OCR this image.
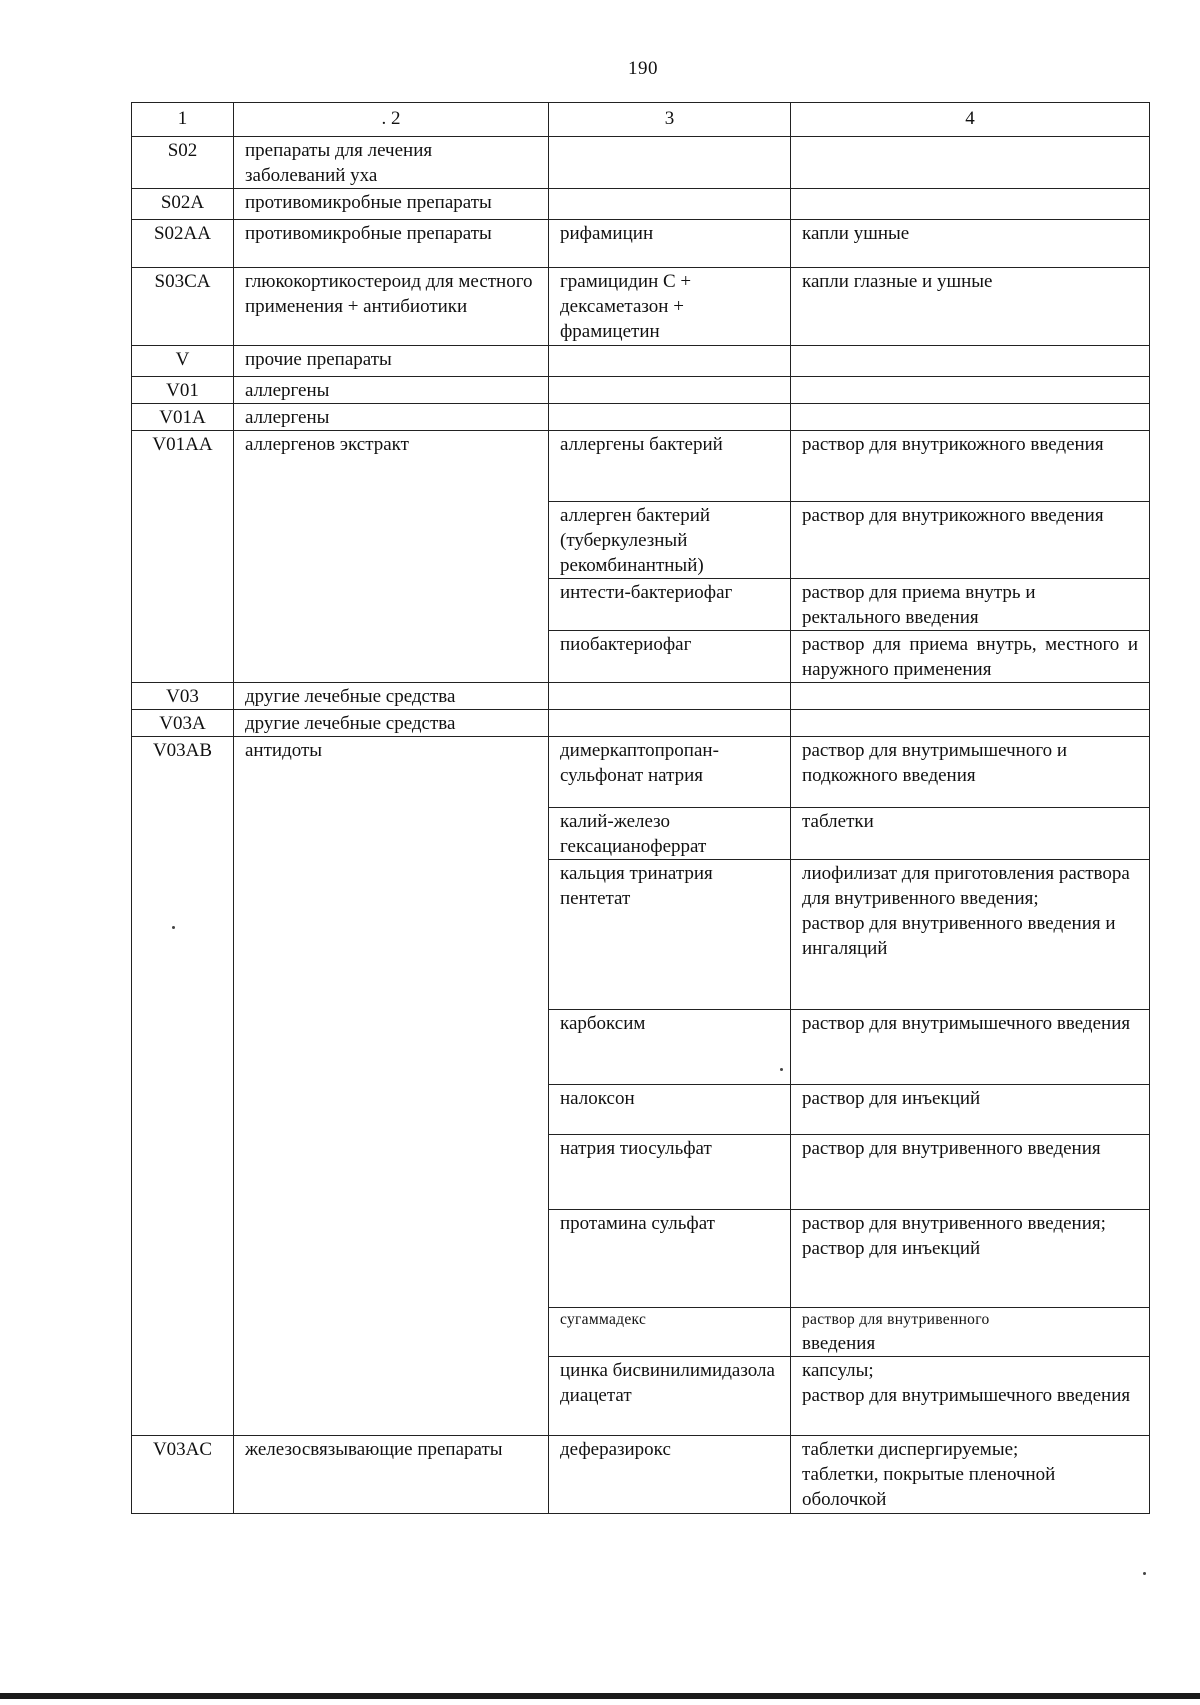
190
1	. 2	3	4
S02	препараты для лечения заболеваний уха		
S02A	противомикробные препараты		
S02AA	противомикробные препараты	рифамицин	капли ушные
S03CA	глюкокортикостероид для местного применения + антибиотики	грамицидин С + дексаметазон + фрамицетин	капли глазные и ушные
V	прочие препараты		
V01	аллергены		
V01A	аллергены		
V01AA	аллергенов экстракт	аллергены бактерий	раствор для внутрикожного введения
		аллерген бактерий (туберкулезный рекомбинантный)	раствор для внутрикожного введения
		интести-бактериофаг	раствор для приема внутрь и ректального введения
		пиобактериофаг	раствор для приема внутрь, местного и наружного применения
V03	другие лечебные средства		
V03A	другие лечебные средства		
V03AB	антидоты	димеркаптопропан-сульфонат натрия	раствор для внутримышечного и подкожного введения
		калий-железо гексацианоферрат	таблетки
		кальция тринатрия пентетат	лиофилизат для приготовления раствора для внутривенного введения;
раствор для внутривенного введения и ингаляций

		карбоксим	раствор для внутримышечного введения
		налоксон	раствор для инъекций
		натрия тиосульфат	раствор для внутривенного введения
		протамина сульфат	раствор для внутривенного введения;
раствор для инъекций

		сугаммадекс	раствор для внутривенного
введения

		цинка бисвинилимидазола диацетат	капсулы;
раствор для внутримышечного введения

V03AC	железосвязывающие препараты	деферазирокс	таблетки диспергируемые;
таблетки, покрытые пленочной оболочкой
